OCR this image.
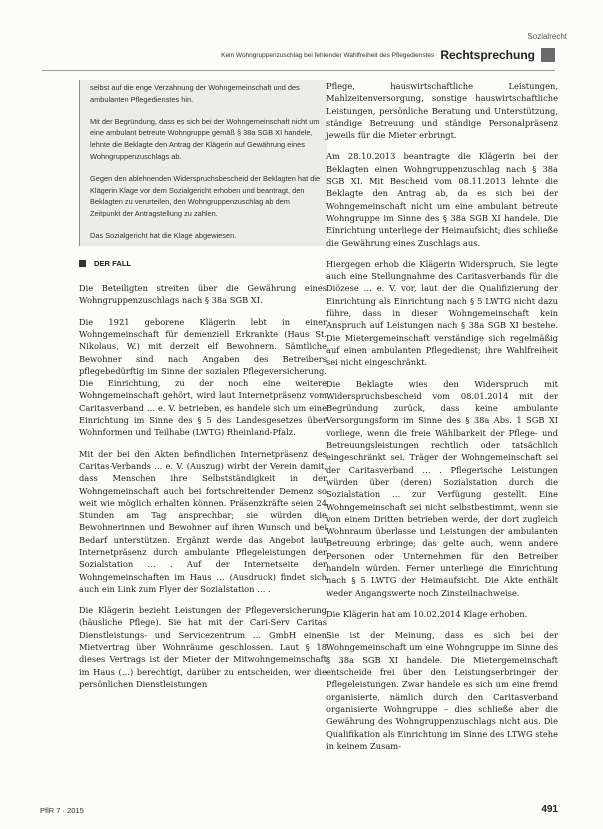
Sozialrecht
Kein Wohngruppenzuschlag bei fehlender Wahlfreiheit des Pflegedienstes Rechtsprechung

selbst auf die enge Verzahnung der Wohngemeinschaft und des ambulanten Pflegedienstes hin.

Mit der Begründung, dass es sich bei der Wohngemeinschaft nicht um eine ambulant betreute Wohngruppe gemäß § 38a SGB XI handele, lehnte die Beklagte den Antrag der Klägerin auf Gewährung eines Wohngruppenzuschlags ab.

Gegen den ablehnenden Widerspruchsbescheid der Beklagten hat die Klägerin Klage vor dem Sozialgericht erhoben und beantragt, den Beklagten zu verurteilen, den Wohngruppenzuschlag ab dem Zeitpunkt der Antragstellung zu zahlen.

Das Sozialgericht hat die Klage abgewiesen.

DER FALL

Die Beteiligten streiten über die Gewährung eines Wohngruppenzuschlags nach § 38a SGB XI.

Die 1921 geborene Klägerin lebt in einer Wohngemeinschaft für demenziell Erkrankte (Haus St. Nikolaus, W.) mit derzeit elf Bewohnern. Sämtliche Bewohner sind nach Angaben des Betreibers pflegebedürftig im Sinne der sozialen Pflegeversicherung. Die Einrichtung, zu der noch eine weitere Wohngemeinschaft gehört, wird laut Internetpräsenz vom Caritasverband … e. V. betrieben, es handele sich um eine Einrichtung im Sinne des § 5 des Landesgesetzes über Wohnformen und Teilhabe (LWTG) Rheinland-Pfalz.

Mit der bei den Akten befindlichen Internetpräsenz des Caritas-Verbands … e. V. (Auszug) wirbt der Verein damit, dass Menschen ihre Selbstständigkeit in der Wohngemeinschaft auch bei fortschreitender Demenz so weit wie möglich erhalten können. Präsenzkräfte seien 24 Stunden am Tag ansprechbar; sie würden die Bewohnerinnen und Bewohner auf ihren Wunsch und bei Bedarf unterstützen. Ergänzt werde das Angebot laut Internetpräsenz durch ambulante Pflegeleistungen der Sozialstation … . Auf der Internetseite der Wohngemeinschaften im Haus … (Ausdruck) findet sich auch ein Link zum Flyer der Sozialstation … .

Die Klägerin bezieht Leistungen der Pflegeversicherung (häusliche Pflege). Sie hat mit der Cari-Serv Caritas Dienstleistungs- und Servicezentrum … GmbH einen Mietvertrag über Wohnräume geschlossen. Laut § 18 dieses Vertrags ist der Mieter der Mitwohngemeinschaft im Haus (…) berechtigt, darüber zu entscheiden, wer die persönlichen Dienstleistungen

Pflege, hauswirtschaftliche Leistungen, Mahlzeitenversorgung, sonstige hauswirtschaftliche Leistungen, persönliche Beratung und Unterstützung, ständige Betreuung und ständige Personalpräsenz jeweils für die Mieter erbringt.

Am 28.10.2013 beantragte die Klägerin bei der Beklagten einen Wohngruppenzuschlag nach § 38a SGB XI. Mit Bescheid vom 08.11.2013 lehnte die Beklagte den Antrag ab, da es sich bei der Wohngemeinschaft nicht um eine ambulant betreute Wohngruppe im Sinne des § 38a SGB XI handele. Die Einrichtung unterliege der Heimaufsicht; dies schließe die Gewährung eines Zuschlags aus.

Hiergegen erhob die Klägerin Widerspruch. Sie legte auch eine Stellungnahme des Caritasverbands für die Diözese … e. V. vor, laut der die Qualifizierung der Einrichtung als Einrichtung nach § 5 LWTG nicht dazu führe, dass in dieser Wohngemeinschaft kein Anspruch auf Leistungen nach § 38a SGB XI bestehe. Die Mietergemeinschaft verständige sich regelmäßig auf einen ambulanten Pflegedienst; ihre Wahlfreiheit sei nicht eingeschränkt.

Die Beklagte wies den Widerspruch mit Widerspruchsbescheid vom 08.01.2014 mit der Begründung zurück, dass keine ambulante Versorgungsform im Sinne des § 38a Abs. 1 SGB XI vorliege, wenn die freie Wählbarkeit der Pflege- und Betreuungsleistungen rechtlich oder tatsächlich eingeschränkt sei. Träger der Wohngemeinschaft sei der Caritasverband … . Pflegerische Leistungen würden über (deren) Sozialstation durch die Sozialstation … zur Verfügung gestellt. Eine Wohngemeinschaft sei nicht selbstbestimmt, wenn sie von einem Dritten betrieben werde, der dort zugleich Wohnraum überlasse und Leistungen der ambulanten Betreuung erbringe; das gelte auch, wenn andere Personen oder Unternehmen für den Betreiber handeln würden. Ferner unterliege die Einrichtung nach § 5 LWTG der Heimaufsicht. Die Akte enthält weder Angangswerte noch Zinsteilnachweise.

Die Klägerin hat am 10.02.2014 Klage erhoben.

Sie ist der Meinung, dass es sich bei der Wohngemeinschaft um eine Wohngruppe im Sinne des § 38a SGB XI handele. Die Mietergemeinschaft entscheide frei über den Leistungserbringer der Pflegeleistungen. Zwar handele es sich um eine fremd organisierte, nämlich durch den Caritasverband organisierte Wohngruppe – dies schließe aber die Gewährung des Wohngruppenzuschlags nicht aus. Die Qualifikation als Einrichtung im Sinne des LTWG stehe in keinem Zusam-

PflR 7 · 2015	491
